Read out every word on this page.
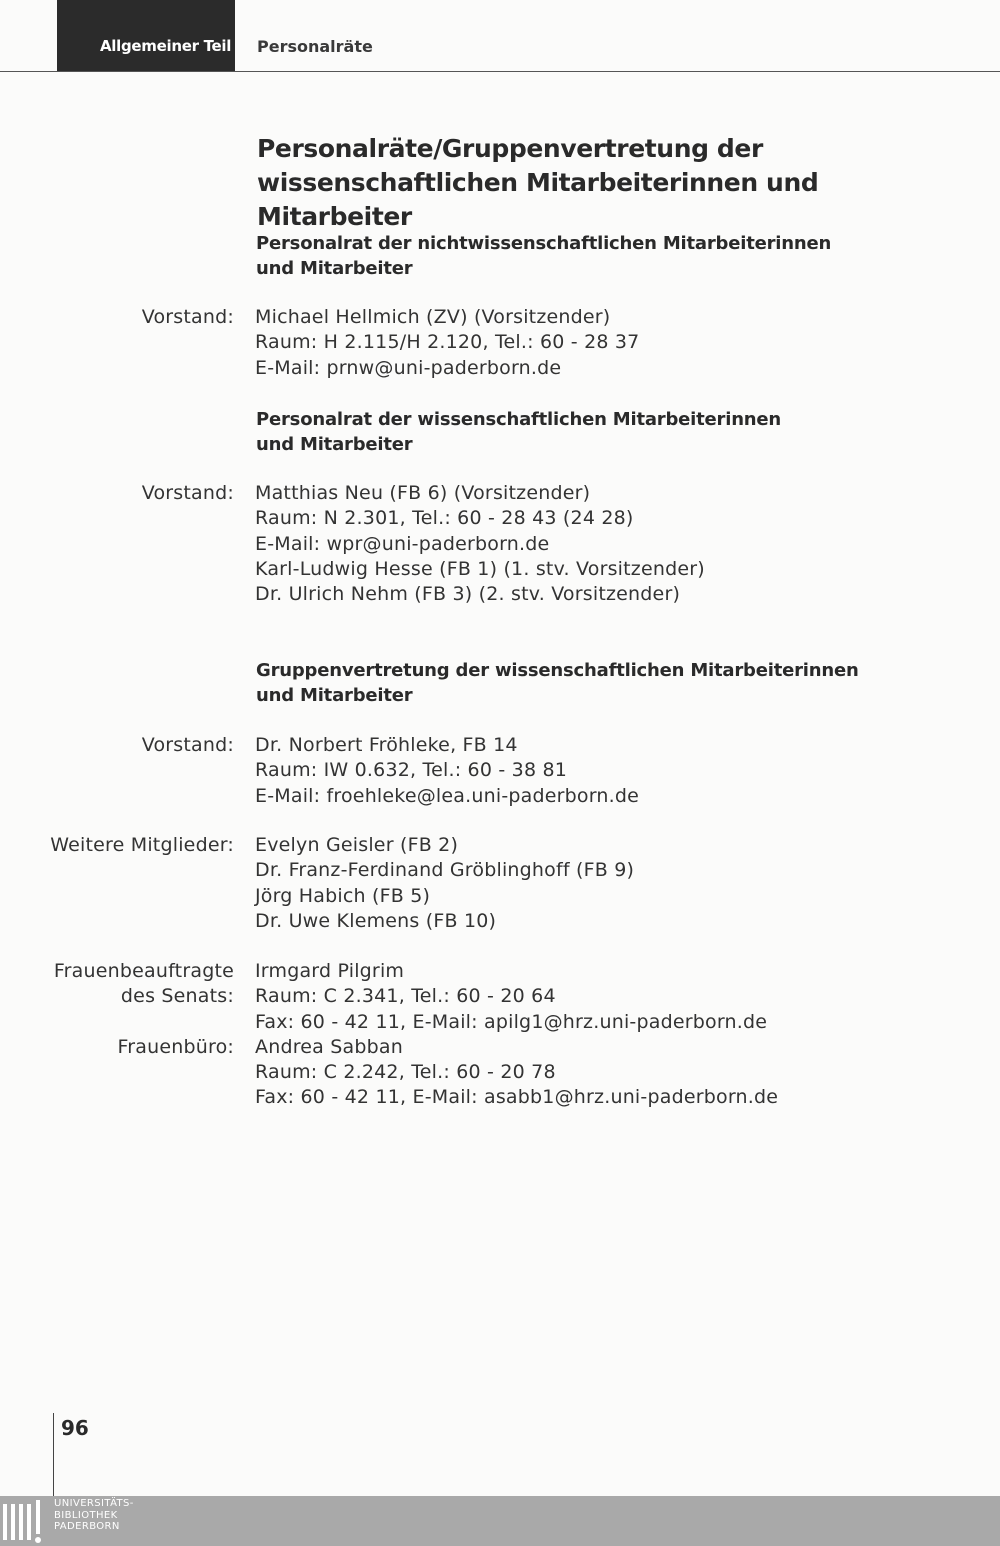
Allgemeiner Teil Personalräte
Personalräte/Gruppenvertretung der
wissenschaftlichen Mitarbeiterinnen und Mitarbeiter
Personalrat der nichtwissenschaftlichen Mitarbeiterinnen
und Mitarbeiter
Vorstand: Michael Hellmich (ZV) (Vorsitzender)
Raum: H 2.115/H 2.120, Tel.: 60 - 28 37
E-Mail: prnw@uni-paderborn.de
Personalrat der wissenschaftlichen Mitarbeiterinnen
und Mitarbeiter
Vorstand: Matthias Neu (FB 6) (Vorsitzender)
Raum: N 2.301, Tel.: 60 - 28 43 (24 28)
E-Mail: wpr@uni-paderborn.de
Karl-Ludwig Hesse (FB 1) (1. stv. Vorsitzender)
Dr. Ulrich Nehm (FB 3) (2. stv. Vorsitzender)
Gruppenvertretung der wissenschaftlichen Mitarbeiterinnen
und Mitarbeiter
Vorstand: Dr. Norbert Fröhleke, FB 14
Raum: IW 0.632, Tel.: 60 - 38 81
E-Mail: froehleke@lea.uni-paderborn.de
Weitere Mitglieder: Evelyn Geisler (FB 2)
Dr. Franz-Ferdinand Gröblinghoff (FB 9)
Jörg Habich (FB 5)
Dr. Uwe Klemens (FB 10)
Frauenbeauftragte
des Senats:
Frauenbüro:
Irmgard Pilgrim
Raum: C 2.341, Tel.: 60 - 20 64
Fax: 60 - 42 11, E-Mail: apilg1@hrz.uni-paderborn.de
Andrea Sabban
Raum: C 2.242, Tel.: 60 - 20 78
Fax: 60 - 42 11, E-Mail: asabb1@hrz.uni-paderborn.de
96
UNIVERSITÄTS-
BIBLIOTHEK
PADERBORN
